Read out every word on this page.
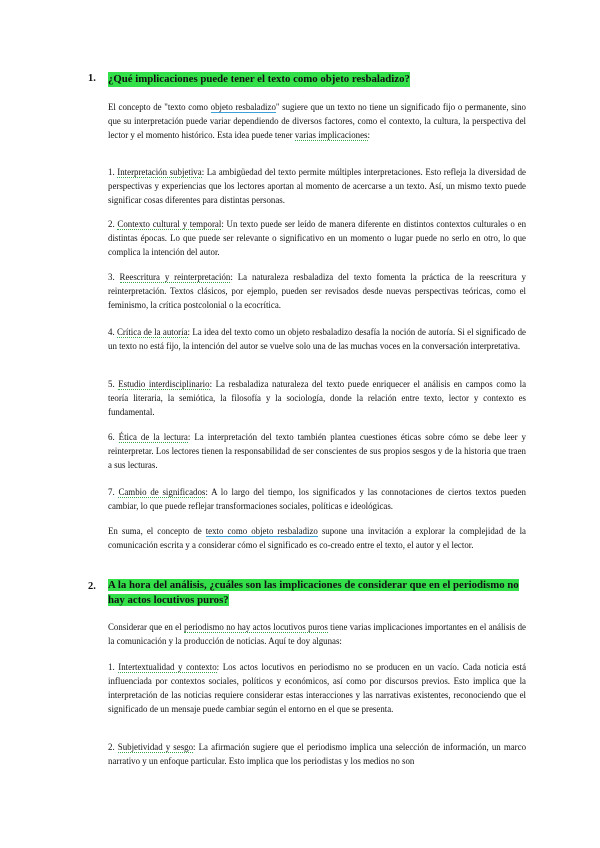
1. ¿Qué implicaciones puede tener el texto como objeto resbaladizo?

El concepto de "texto como objeto resbaladizo" sugiere que un texto no tiene un significado fijo o permanente, sino que su interpretación puede variar dependiendo de diversos factores, como el contexto, la cultura, la perspectiva del lector y el momento histórico. Esta idea puede tener varias implicaciones:

1. Interpretación subjetiva: La ambigüedad del texto permite múltiples interpretaciones. Esto refleja la diversidad de perspectivas y experiencias que los lectores aportan al momento de acercarse a un texto. Así, un mismo texto puede significar cosas diferentes para distintas personas.

2. Contexto cultural y temporal: Un texto puede ser leído de manera diferente en distintos contextos culturales o en distintas épocas. Lo que puede ser relevante o significativo en un momento o lugar puede no serlo en otro, lo que complica la intención del autor.

3. Reescritura y reinterpretación: La naturaleza resbaladiza del texto fomenta la práctica de la reescritura y reinterpretación. Textos clásicos, por ejemplo, pueden ser revisados desde nuevas perspectivas teóricas, como el feminismo, la crítica postcolonial o la ecocrítica.

4. Crítica de la autoría: La idea del texto como un objeto resbaladizo desafía la noción de autoría. Si el significado de un texto no está fijo, la intención del autor se vuelve solo una de las muchas voces en la conversación interpretativa.

5. Estudio interdisciplinario: La resbaladiza naturaleza del texto puede enriquecer el análisis en campos como la teoría literaria, la semiótica, la filosofía y la sociología, donde la relación entre texto, lector y contexto es fundamental.

6. Ética de la lectura: La interpretación del texto también plantea cuestiones éticas sobre cómo se debe leer y reinterpretar. Los lectores tienen la responsabilidad de ser conscientes de sus propios sesgos y de la historia que traen a sus lecturas.

7. Cambio de significados: A lo largo del tiempo, los significados y las connotaciones de ciertos textos pueden cambiar, lo que puede reflejar transformaciones sociales, políticas e ideológicas.

En suma, el concepto de texto como objeto resbaladizo supone una invitación a explorar la complejidad de la comunicación escrita y a considerar cómo el significado es co-creado entre el texto, el autor y el lector.

2. A la hora del análisis, ¿cuáles son las implicaciones de considerar que en el periodismo no hay actos locutivos puros?

Considerar que en el periodismo no hay actos locutivos puros tiene varias implicaciones importantes en el análisis de la comunicación y la producción de noticias. Aquí te doy algunas:

1. Intertextualidad y contexto: Los actos locutivos en periodismo no se producen en un vacío. Cada noticia está influenciada por contextos sociales, políticos y económicos, así como por discursos previos. Esto implica que la interpretación de las noticias requiere considerar estas interacciones y las narrativas existentes, reconociendo que el significado de un mensaje puede cambiar según el entorno en el que se presenta.

2. Subjetividad y sesgo: La afirmación sugiere que el periodismo implica una selección de información, un marco narrativo y un enfoque particular. Esto implica que los periodistas y los medios no son
